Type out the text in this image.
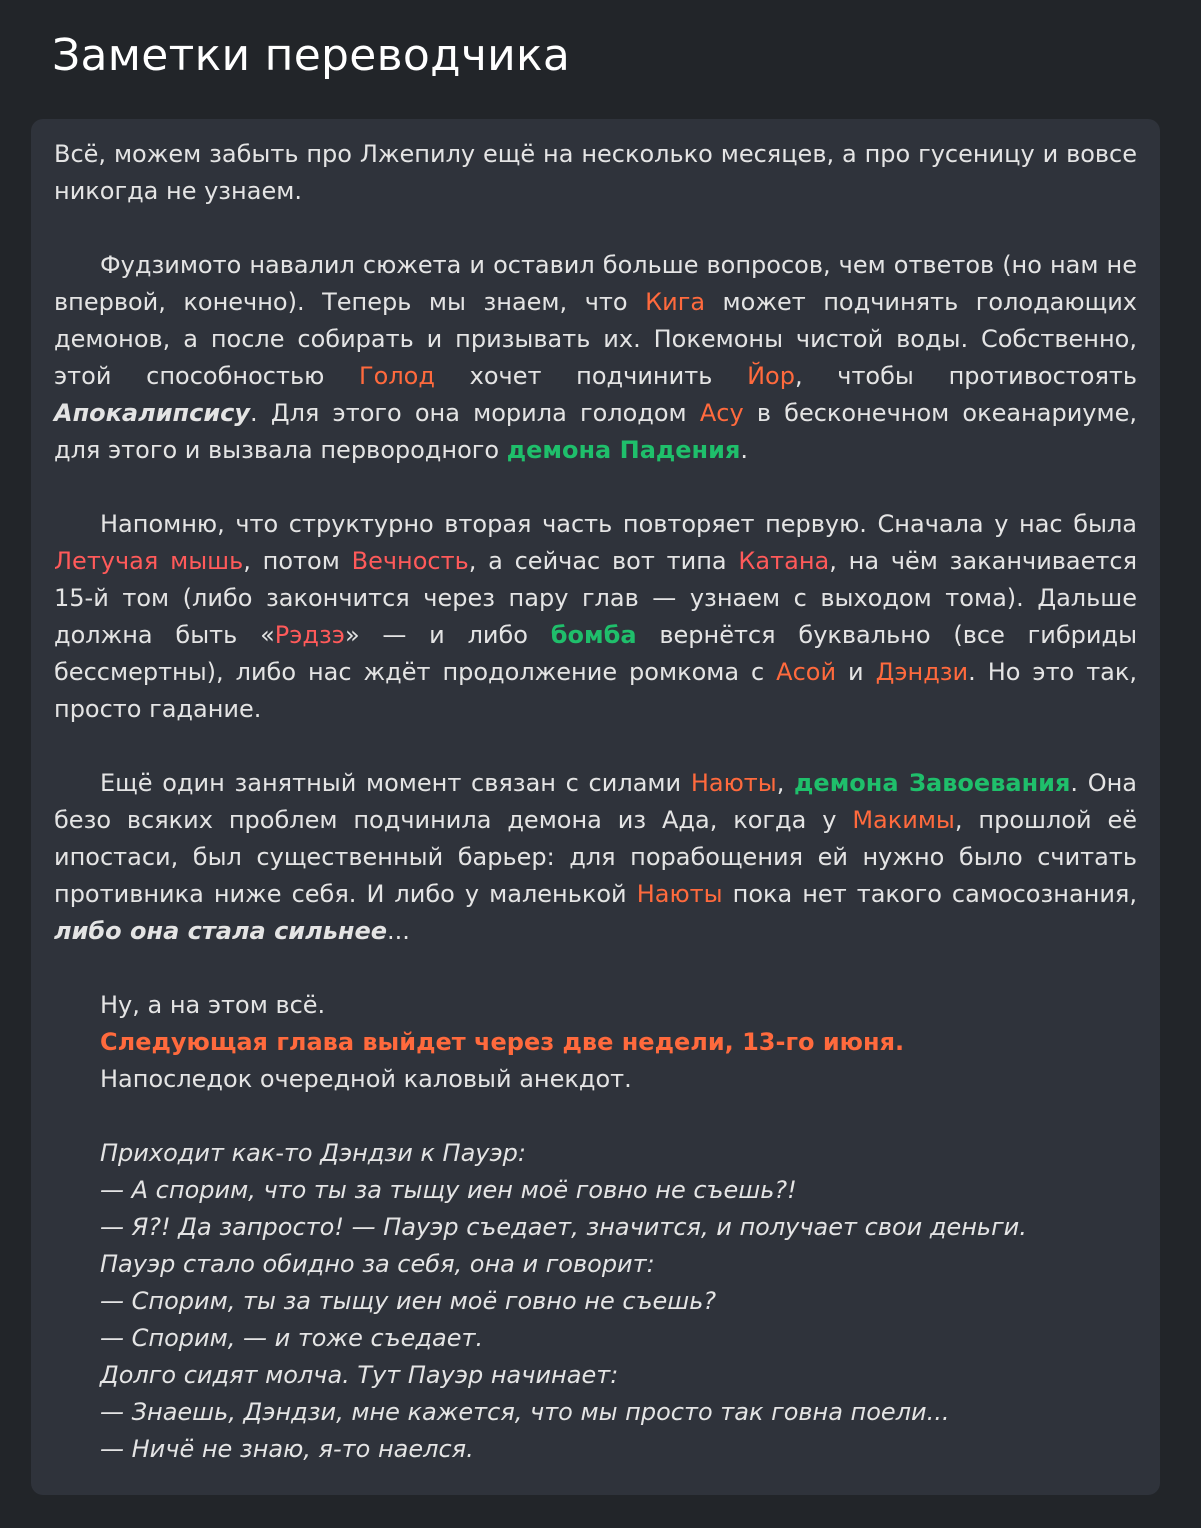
Заметки переводчика

Всё, можем забыть про Лжепилу ещё на несколько месяцев, а про гусеницу и вовсе никогда не узнаем.

Фудзимото навалил сюжета и оставил больше вопросов, чем ответов (но нам не впервой, конечно). Теперь мы знаем, что Кига может подчинять голодающих демонов, а после собирать и призывать их. Покемоны чистой воды. Собственно, этой способностью Голод хочет подчинить Йор, чтобы противостоять Апокалипсису. Для этого она морила голодом Асу в бесконечном океанариуме, для этого и вызвала первородного демона Падения.

Напомню, что структурно вторая часть повторяет первую. Сначала у нас была Летучая мышь, потом Вечность, а сейчас вот типа Катана, на чём заканчивается 15-й том (либо закончится через пару глав — узнаем с выходом тома). Дальше должна быть «Рэдзэ» — и либо бомба вернётся буквально (все гибриды бессмертны), либо нас ждёт продолжение ромкома с Асой и Дэндзи. Но это так, просто гадание.

Ещё один занятный момент связан с силами Наюты, демона Завоевания. Она безо всяких проблем подчинила демона из Ада, когда у Макимы, прошлой её ипостаси, был существенный барьер: для порабощения ей нужно было считать противника ниже себя. И либо у маленькой Наюты пока нет такого самосознания, либо она стала сильнее...

Ну, а на этом всё.

Следующая глава выйдет через две недели, 13-го июня.

Напоследок очередной каловый анекдот.

Приходит как-то Дэндзи к Пауэр:

— А спорим, что ты за тыщу иен моё говно не съешь?!

— Я?! Да запросто! — Пауэр съедает, значится, и получает свои деньги.

Пауэр стало обидно за себя, она и говорит:

— Спорим, ты за тыщу иен моё говно не съешь?

— Спорим, — и тоже съедает.

Долго сидят молча. Тут Пауэр начинает:

— Знаешь, Дэндзи, мне кажется, что мы просто так говна поели...

— Ничё не знаю, я-то наелся.
